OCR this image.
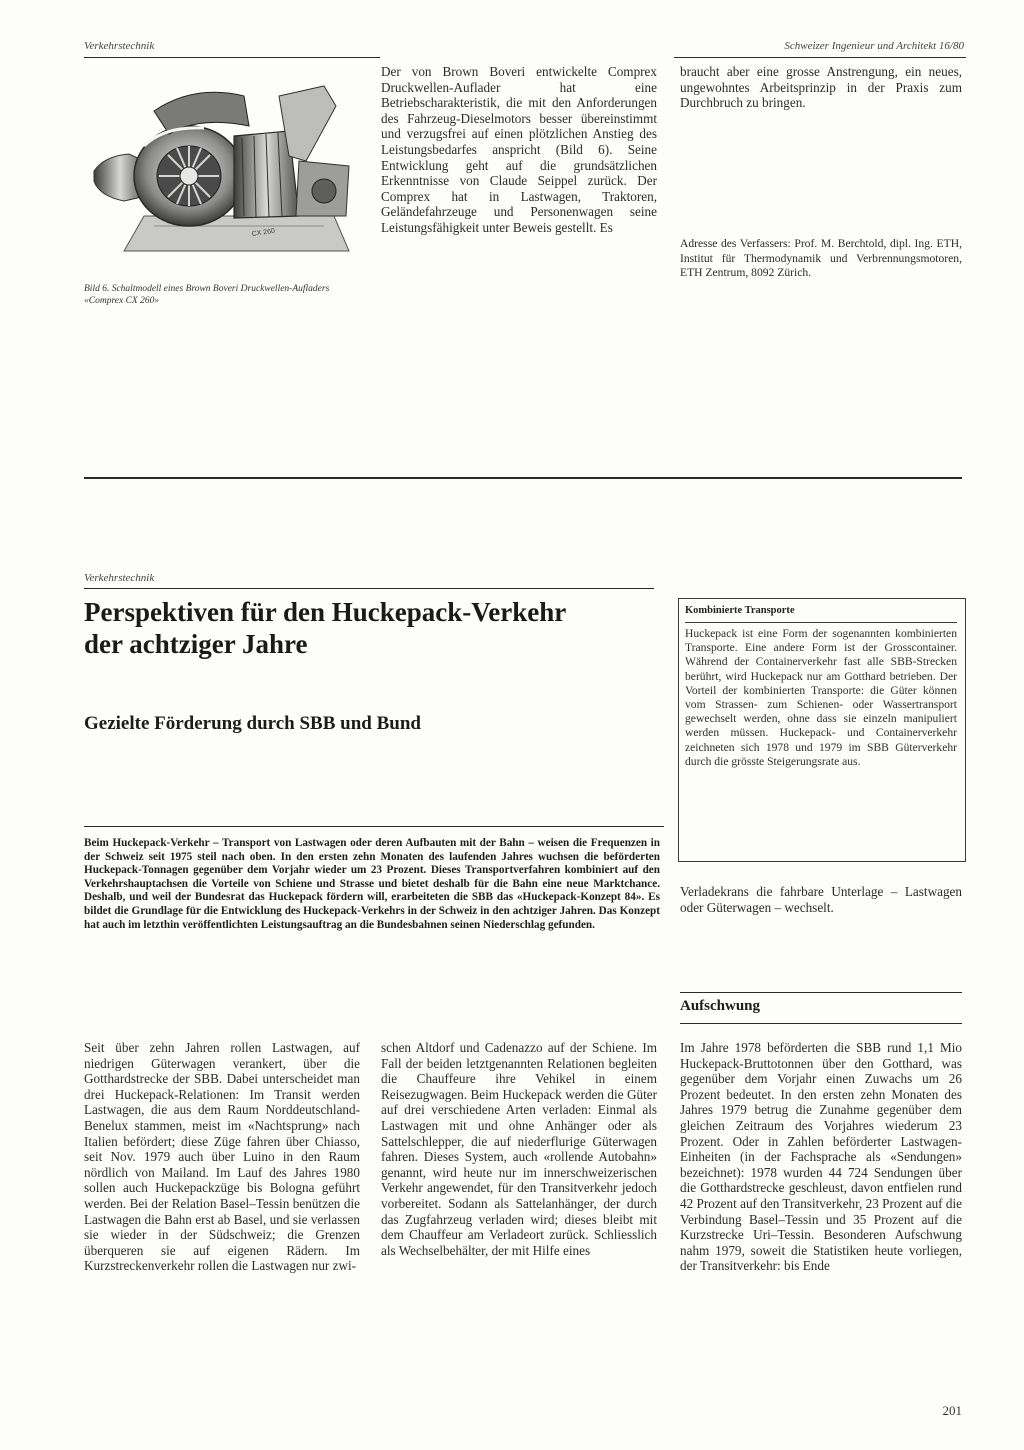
Verkehrstechnik	Schweizer Ingenieur und Architekt 16/80
CX 260
Bild 6. Schaltmodell eines Brown Boveri Druckwellen-Aufladers «Comprex CX 260»
Der von Brown Boveri entwickelte Comprex Druckwellen-Auflader hat eine Betriebscharakteristik, die mit den Anforderungen des Fahrzeug-Dieselmotors besser übereinstimmt und verzugsfrei auf einen plötzlichen Anstieg des Leistungsbedarfes anspricht (Bild 6). Seine Entwicklung geht auf die grundsätzlichen Erkenntnisse von Claude Seippel zurück. Der Comprex hat in Lastwagen, Traktoren, Geländefahrzeuge und Personenwagen seine Leistungsfähigkeit unter Beweis gestellt. Es
braucht aber eine grosse Anstrengung, ein neues, ungewohntes Arbeitsprinzip in der Praxis zum Durchbruch zu bringen.
Adresse des Verfassers: Prof. M. Berchtold, dipl. Ing. ETH, Institut für Thermodynamik und Verbrennungsmotoren, ETH Zentrum, 8092 Zürich.
Verkehrstechnik
Perspektiven für den Huckepack-Verkehr
der achtziger Jahre
Gezielte Förderung durch SBB und Bund
Beim Huckepack-Verkehr – Transport von Lastwagen oder deren Aufbauten mit der Bahn – weisen die Frequenzen in der Schweiz seit 1975 steil nach oben. In den ersten zehn Monaten des laufenden Jahres wuchsen die beförderten Huckepack-Tonnagen gegenüber dem Vorjahr wieder um 23 Prozent. Dieses Transportverfahren kombiniert auf den Verkehrshauptachsen die Vorteile von Schiene und Strasse und bietet deshalb für die Bahn eine neue Marktchance. Deshalb, und weil der Bundesrat das Huckepack fördern will, erarbeiteten die SBB das «Huckepack-Konzept 84». Es bildet die Grundlage für die Entwicklung des Huckepack-Verkehrs in der Schweiz in den achtziger Jahren. Das Konzept hat auch im letzthin veröffentlichten Leistungsauftrag an die Bundesbahnen seinen Niederschlag gefunden.
Kombinierte Transporte
Huckepack ist eine Form der sogenannten kombinierten Transporte. Eine andere Form ist der Grosscontainer. Während der Containerverkehr fast alle SBB-Strecken berührt, wird Huckepack nur am Gotthard betrieben. Der Vorteil der kombinierten Transporte: die Güter können vom Strassen- zum Schienen- oder Wassertransport gewechselt werden, ohne dass sie einzeln manipuliert werden müssen. Huckepack- und Containerverkehr zeichneten sich 1978 und 1979 im SBB Güterverkehr durch die grösste Steigerungsrate aus.
Verladekrans die fahrbare Unterlage – Lastwagen oder Güterwagen – wechselt.
Aufschwung
Im Jahre 1978 beförderten die SBB rund 1,1 Mio Huckepack-Bruttotonnen über den Gotthard, was gegenüber dem Vorjahr einen Zuwachs um 26 Prozent bedeutet. In den ersten zehn Monaten des Jahres 1979 betrug die Zunahme gegenüber dem gleichen Zeitraum des Vorjahres wiederum 23 Prozent. Oder in Zahlen beförderter Lastwagen-Einheiten (in der Fachsprache als «Sendungen» bezeichnet): 1978 wurden 44 724 Sendungen über die Gotthardstrecke geschleust, davon entfielen rund 42 Prozent auf den Transitverkehr, 23 Prozent auf die Verbindung Basel–Tessin und 35 Prozent auf die Kurzstrecke Uri–Tessin. Besonderen Aufschwung nahm 1979, soweit die Statistiken heute vorliegen, der Transitverkehr: bis Ende
Seit über zehn Jahren rollen Lastwagen, auf niedrigen Güterwagen verankert, über die Gotthardstrecke der SBB. Dabei unterscheidet man drei Huckepack-Relationen: Im Transit werden Lastwagen, die aus dem Raum Norddeutschland-Benelux stammen, meist im «Nachtsprung» nach Italien befördert; diese Züge fahren über Chiasso, seit Nov. 1979 auch über Luino in den Raum nördlich von Mailand. Im Lauf des Jahres 1980 sollen auch Huckepackzüge bis Bologna geführt werden. Bei der Relation Basel–Tessin benützen die Lastwagen die Bahn erst ab Basel, und sie verlassen sie wieder in der Südschweiz; die Grenzen überqueren sie auf eigenen Rädern. Im Kurzstreckenverkehr rollen die Lastwagen nur zwi-
schen Altdorf und Cadenazzo auf der Schiene. Im Fall der beiden letztgenannten Relationen begleiten die Chauffeure ihre Vehikel in einem Reisezugwagen. Beim Huckepack werden die Güter auf drei verschiedene Arten verladen: Einmal als Lastwagen mit und ohne Anhänger oder als Sattelschlepper, die auf niederflurige Güterwagen fahren. Dieses System, auch «rollende Autobahn» genannt, wird heute nur im innerschweizerischen Verkehr angewendet, für den Transitverkehr jedoch vorbereitet. Sodann als Sattelanhänger, der durch das Zugfahrzeug verladen wird; dieses bleibt mit dem Chauffeur am Verladeort zurück. Schliesslich als Wechselbehälter, der mit Hilfe eines
201
